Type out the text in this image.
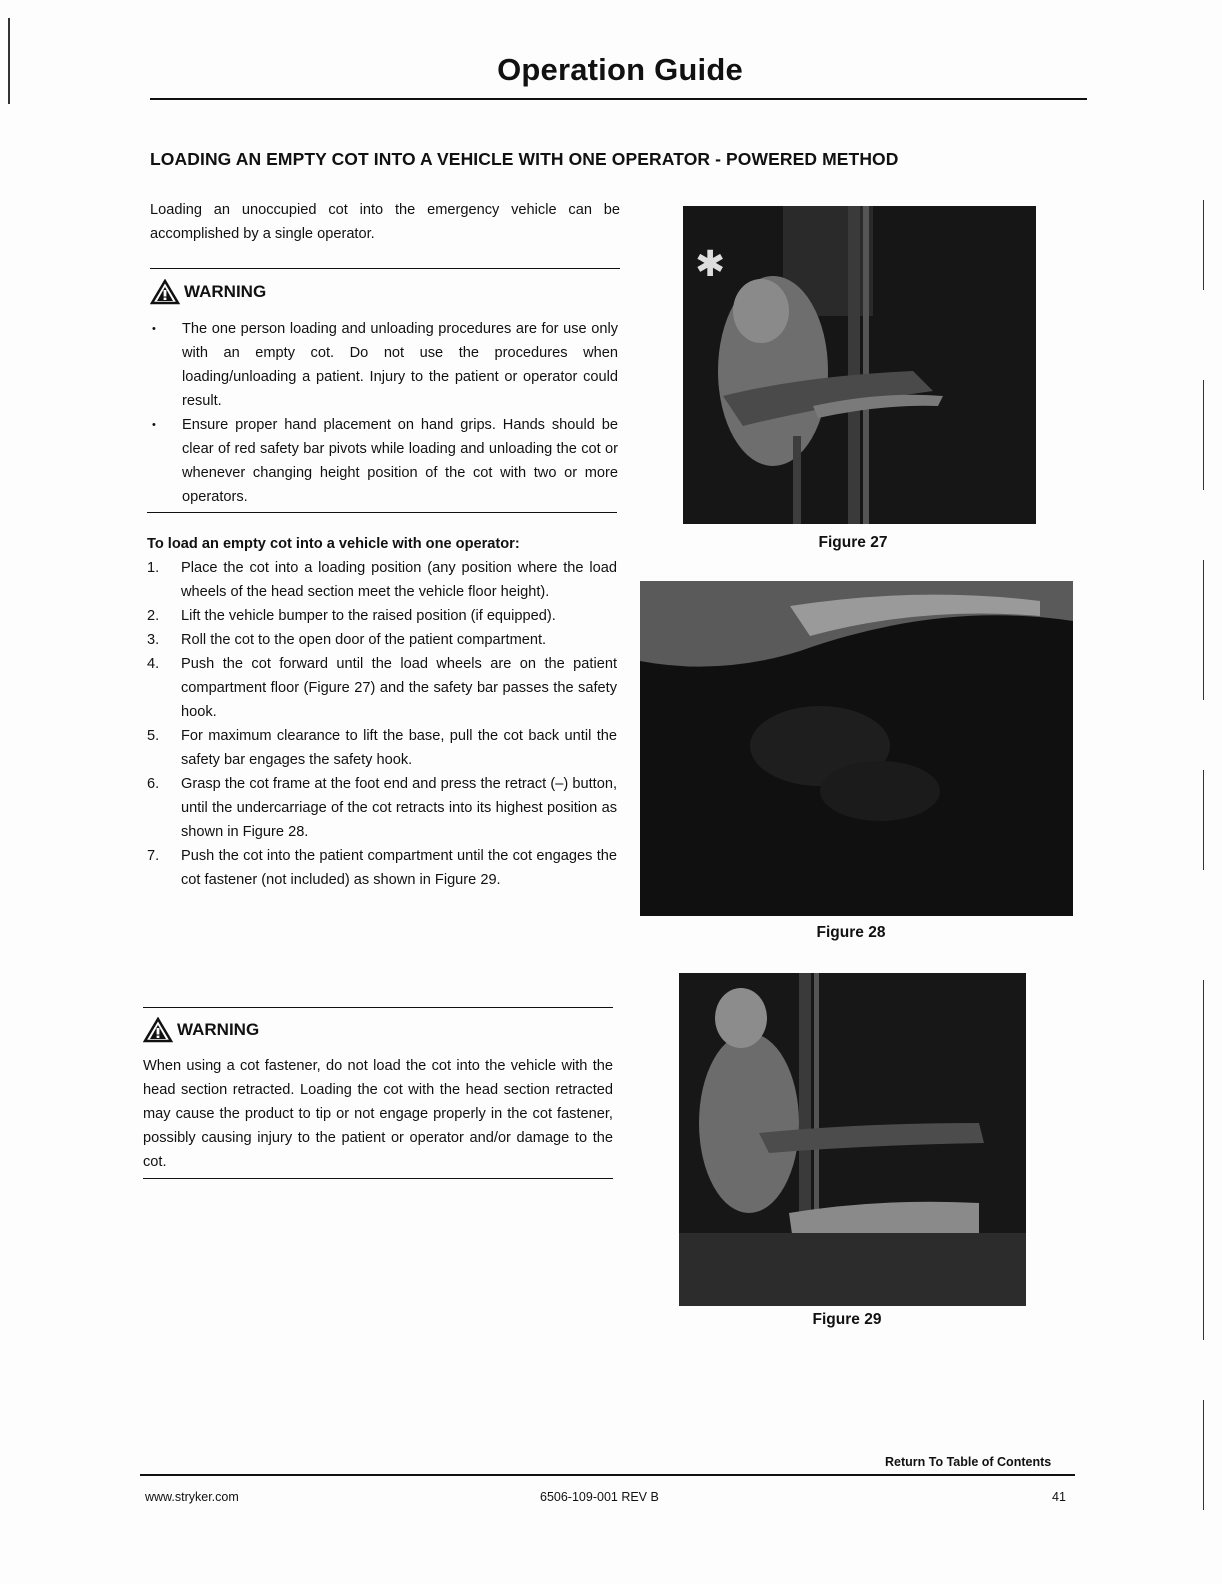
Operation Guide
LOADING AN EMPTY COT INTO A VEHICLE WITH ONE OPERATOR - POWERED METHOD
Loading an unoccupied cot into the emergency vehicle can be accomplished by a single operator.
WARNING
• The one person loading and unloading procedures are for use only with an empty cot. Do not use the procedures when loading/unloading a patient. Injury to the patient or operator could result.
• Ensure proper hand placement on hand grips. Hands should be clear of red safety bar pivots while loading and unloading the cot or whenever changing height position of the cot with two or more operators.
To load an empty cot into a vehicle with one operator:
1.	Place the cot into a loading position (any position where the load wheels of the head section meet the vehicle floor height).
2.	Lift the vehicle bumper to the raised position (if equipped).
3.	Roll the cot to the open door of the patient compartment.
4.	Push the cot forward until the load wheels are on the patient compartment floor (Figure 27) and the safety bar passes the safety hook.
5.	For maximum clearance to lift the base, pull the cot back until the safety bar engages the safety hook.
6.	Grasp the cot frame at the foot end and press the retract (–) button, until the undercarriage of the cot retracts into its highest position as shown in Figure 28.
7.	Push the cot into the patient compartment until the cot engages the cot fastener (not included) as shown in Figure 29.
WARNING
When using a cot fastener, do not load the cot into the vehicle with the head section retracted. Loading the cot with the head section retracted may cause the product to tip or not engage properly in the cot fastener, possibly causing injury to the patient or operator and/or damage to the cot.
✱
Figure 27
Figure 28
Figure 29
Return To Table of Contents
www.stryker.com	6506-109-001 REV B	41
